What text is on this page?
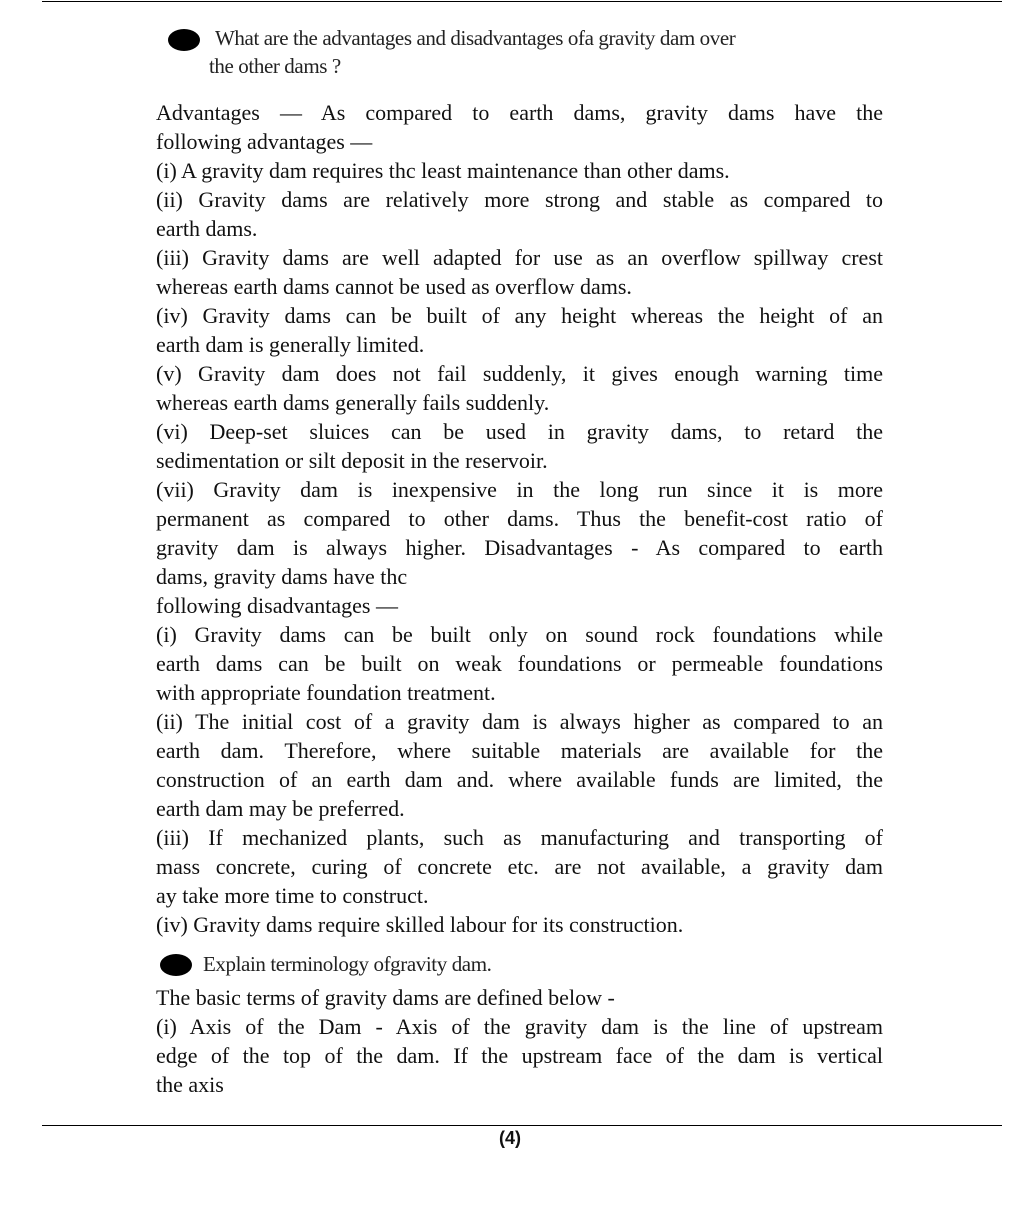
What are the advantages and disadvantages ofa gravity dam over
the other dams ?
Advantages — As compared to earth dams, gravity dams have the
following advantages —
(i) A gravity dam requires thc least maintenance than other dams.
(ii) Gravity dams are relatively more strong and stable as compared to
earth dams.
(iii) Gravity dams are well adapted for use as an overflow spillway crest
whereas earth dams cannot be used as overflow dams.
(iv) Gravity dams can be built of any height whereas the height of an
earth dam is generally limited.
(v) Gravity dam does not fail suddenly, it gives enough warning time
whereas earth dams generally fails suddenly.
(vi) Deep-set sluices can be used in gravity dams, to retard the
sedimentation or silt deposit in the reservoir.
(vii) Gravity dam is inexpensive in the long run since it is more
permanent as compared to other dams. Thus the benefit-cost ratio of
gravity dam is always higher. Disadvantages - As compared to earth
dams, gravity dams have thc
following disadvantages —
(i) Gravity dams can be built only on sound rock foundations while
earth dams can be built on weak foundations or permeable foundations
with appropriate foundation treatment.
(ii) The initial cost of a gravity dam is always higher as compared to an
earth dam. Therefore, where suitable materials are available for the
construction of an earth dam and. where available funds are limited, the
earth dam may be preferred.
(iii) If mechanized plants, such as manufacturing and transporting of
mass concrete, curing of concrete etc. are not available, a gravity dam
ay take more time to construct.
(iv) Gravity dams require skilled labour for its construction.
Explain terminology ofgravity dam.
The basic terms of gravity dams are defined below -
(i) Axis of the Dam - Axis of the gravity dam is the line of upstream
edge of the top of the dam. If the upstream face of the dam is vertical
the axis
(4)
